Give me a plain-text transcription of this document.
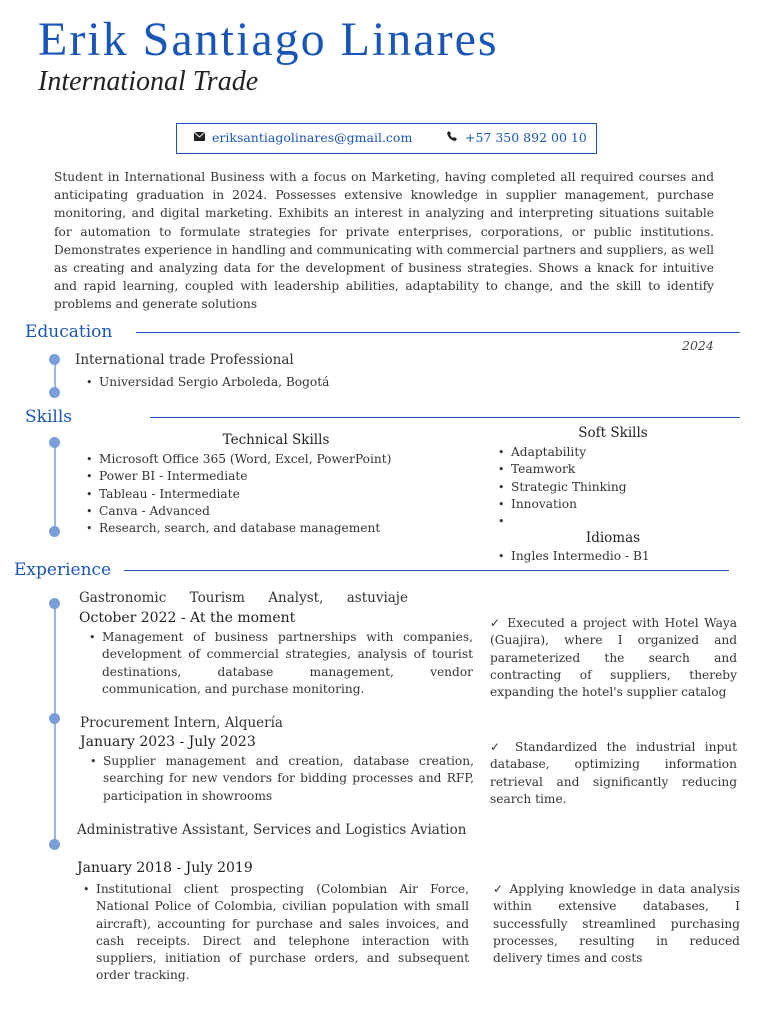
Erik Santiago Linares
International Trade
eriksantiagolinares@gmail.com	+57 350 892 00 10
Student in International Business with a focus on Marketing, having completed all required courses and anticipating graduation in 2024. Possesses extensive knowledge in supplier management, purchase monitoring, and digital marketing. Exhibits an interest in analyzing and interpreting situations suitable for automation to formulate strategies for private enterprises, corporations, or public institutions. Demonstrates experience in handling and communicating with commercial partners and suppliers, as well as creating and analyzing data for the development of business strategies. Shows a knack for intuitive and rapid learning, coupled with leadership abilities, adaptability to change, and the skill to identify problems and generate solutions
Education
2024
International trade Professional
• Universidad Sergio Arboleda, Bogotá
Skills
Technical Skills
• Microsoft Office 365 (Word, Excel, PowerPoint)
• Power BI - Intermediate
• Tableau - Intermediate
• Canva - Advanced
• Research, search, and database management
Soft Skills
• Adaptability
• Teamwork
• Strategic Thinking
• Innovation
•
Idiomas
• Ingles Intermedio - B1
Experience
Gastronomic Tourism Analyst, astuviaje
October 2022 - At the moment
• Management of business partnerships with companies, development of commercial strategies, analysis of tourist destinations, database management, vendor communication, and purchase monitoring.
✓ Executed a project with Hotel Waya (Guajira), where I organized and parameterized the search and contracting of suppliers, thereby expanding the hotel's supplier catalog
Procurement Intern, Alquería
January 2023 - July 2023
• Supplier management and creation, database creation, searching for new vendors for bidding processes and RFP, participation in showrooms
✓ Standardized the industrial input database, optimizing information retrieval and significantly reducing search time.
Administrative Assistant, Services and Logistics Aviation
January 2018 - July 2019
• Institutional client prospecting (Colombian Air Force, National Police of Colombia, civilian population with small aircraft), accounting for purchase and sales invoices, and cash receipts. Direct and telephone interaction with suppliers, initiation of purchase orders, and subsequent order tracking.
✓ Applying knowledge in data analysis within extensive databases, I successfully streamlined purchasing processes, resulting in reduced delivery times and costs
